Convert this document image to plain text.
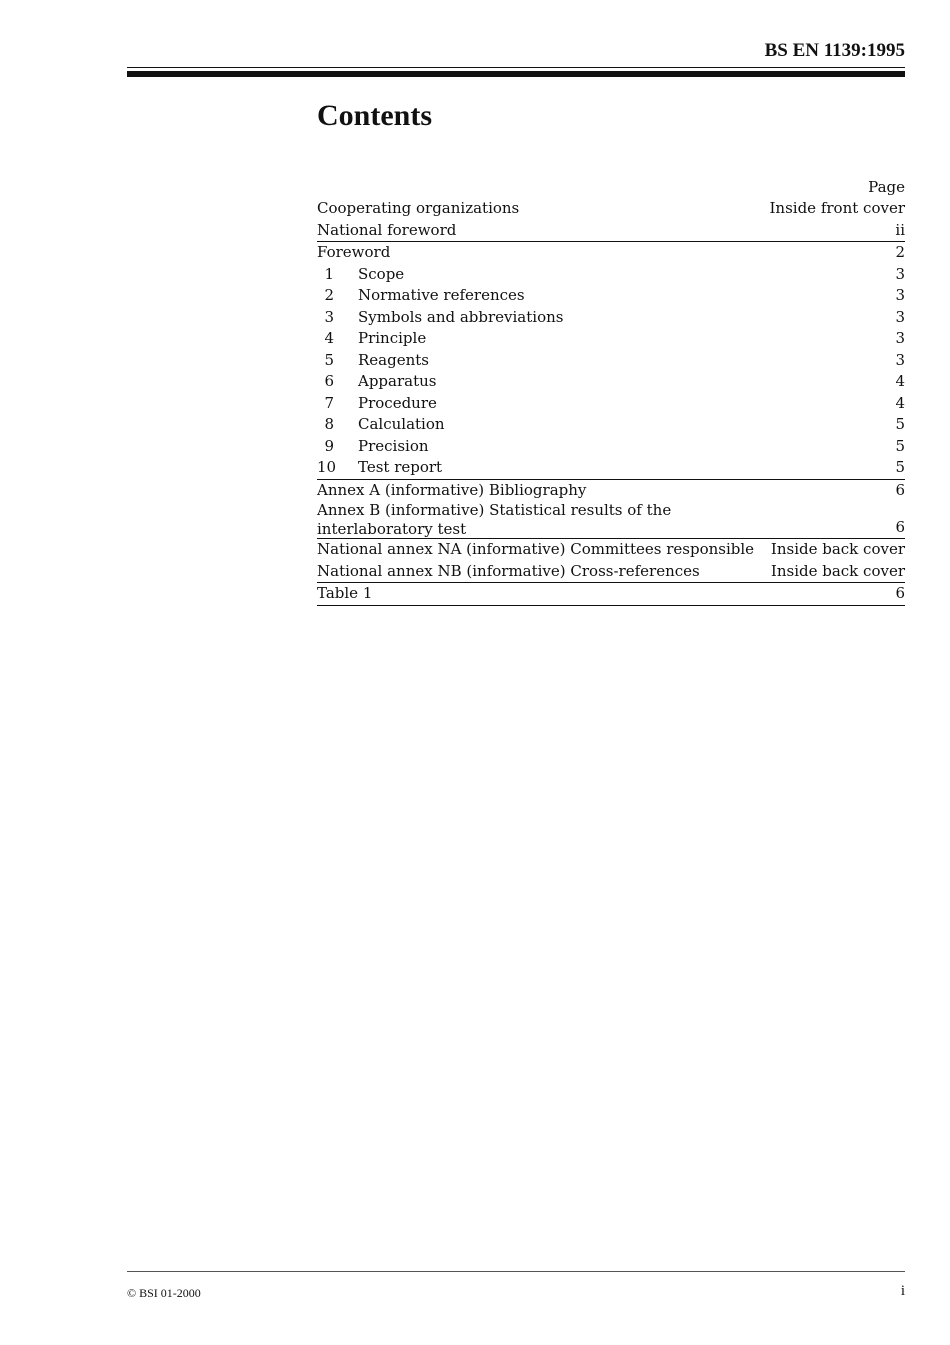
BS EN 1139:1995
Contents
Page
Cooperating organizations	Inside front cover
National foreword	ii
Foreword	2
1	Scope	3
2	Normative references	3
3	Symbols and abbreviations	3
4	Principle	3
5	Reagents	3
6	Apparatus	4
7	Procedure	4
8	Calculation	5
9	Precision	5
10	Test report	5
Annex A (informative) Bibliography	6
Annex B (informative) Statistical results of the
interlaboratory test	6
National annex NA (informative) Committees responsible Inside back cover
National annex NB (informative) Cross-references	Inside back cover
Table 1	6
© BSI 01-2000	i
